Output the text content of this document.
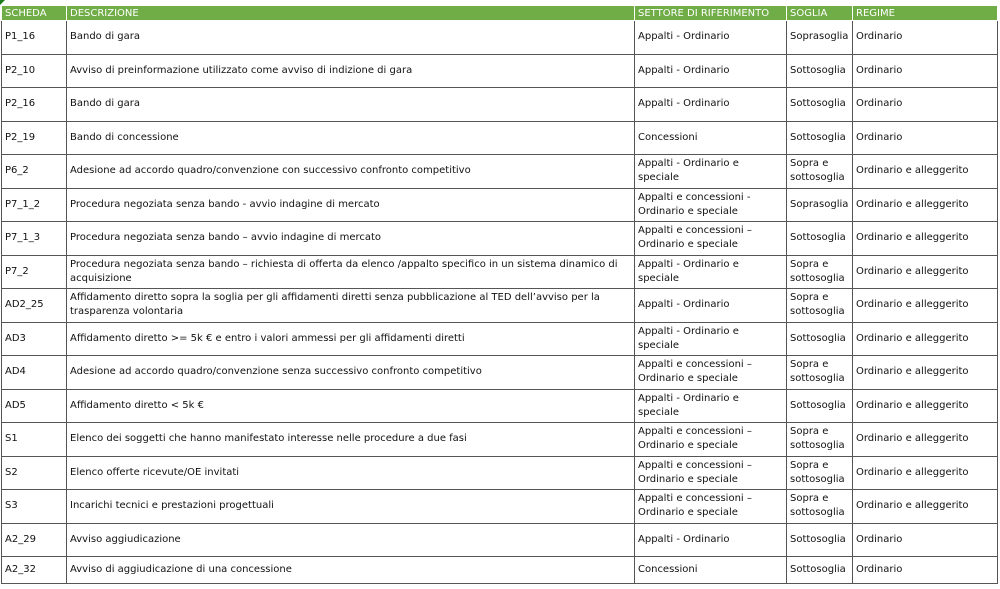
SCHEDA	DESCRIZIONE	SETTORE DI RIFERIMENTO	SOGLIA	REGIME
P1_16	Bando di gara	Appalti - Ordinario	Soprasoglia	Ordinario
P2_10	Avviso di preinformazione utilizzato come avviso di indizione di gara	Appalti - Ordinario	Sottosoglia	Ordinario
P2_16	Bando di gara	Appalti - Ordinario	Sottosoglia	Ordinario
P2_19	Bando di concessione	Concessioni	Sottosoglia	Ordinario
P6_2	Adesione ad accordo quadro/convenzione con successivo confronto competitivo	Appalti - Ordinario e speciale	Sopra e sottosoglia	Ordinario e alleggerito
P7_1_2	Procedura negoziata senza bando - avvio indagine di mercato	Appalti e concessioni - Ordinario e speciale	Soprasoglia	Ordinario e alleggerito
P7_1_3	Procedura negoziata senza bando – avvio indagine di mercato	Appalti e concessioni – Ordinario e speciale	Sottosoglia	Ordinario e alleggerito
P7_2	Procedura negoziata senza bando – richiesta di offerta da elenco /appalto specifico in un sistema dinamico di acquisizione	Appalti - Ordinario e speciale	Sopra e sottosoglia	Ordinario e alleggerito
AD2_25	Affidamento diretto sopra la soglia per gli affidamenti diretti senza pubblicazione al TED dell’avviso per la trasparenza volontaria	Appalti - Ordinario	Sopra e sottosoglia	Ordinario e alleggerito
AD3	Affidamento diretto >= 5k € e entro i valori ammessi per gli affidamenti diretti	Appalti - Ordinario e speciale	Sottosoglia	Ordinario e alleggerito
AD4	Adesione ad accordo quadro/convenzione senza successivo confronto competitivo	Appalti e concessioni – Ordinario e speciale	Sopra e sottosoglia	Ordinario e alleggerito
AD5	Affidamento diretto < 5k €	Appalti - Ordinario e speciale	Sottosoglia	Ordinario e alleggerito
S1	Elenco dei soggetti che hanno manifestato interesse nelle procedure a due fasi	Appalti e concessioni – Ordinario e speciale	Sopra e sottosoglia	Ordinario e alleggerito
S2	Elenco offerte ricevute/OE invitati	Appalti e concessioni – Ordinario e speciale	Sopra e sottosoglia	Ordinario e alleggerito
S3	Incarichi tecnici e prestazioni progettuali	Appalti e concessioni – Ordinario e speciale	Sopra e sottosoglia	Ordinario e alleggerito
A2_29	Avviso aggiudicazione	Appalti - Ordinario	Sottosoglia	Ordinario
A2_32	Avviso di aggiudicazione di una concessione	Concessioni	Sottosoglia	Ordinario
